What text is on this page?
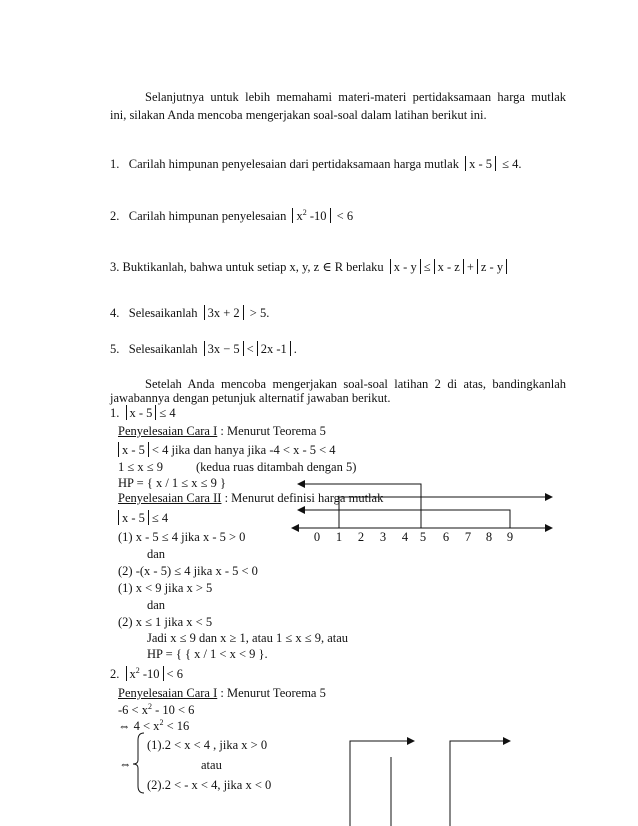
Selanjutnya untuk lebih memahami materi-materi pertidaksamaan harga mutlak
ini, silakan Anda mencoba mengerjakan soal-soal dalam latihan berikut ini.
1. Carilah himpunan penyelesaian dari pertidaksamaan harga mutlak x - 5 ≤ 4.
2. Carilah himpunan penyelesaian $x^2$ -10 < 6
3. Buktikanlah, bahwa untuk setiap x, y, z ∈ R berlaku x - y ≤ x - z + z - y
4. Selesaikanlah 3x + 2 > 5.
5. Selesaikanlah 3x − 5 < 2x -1 .
Setelah Anda mencoba mengerjakan soal-soal latihan 2 di atas, bandingkanlah
jawabannya dengan petunjuk alternatif jawaban berikut.
1. x - 5 ≤ 4
Penyelesaian Cara I : Menurut Teorema 5
x - 5 < 4 jika dan hanya jika -4 < x - 5 < 4
1 ≤ x ≤ 9	(kedua ruas ditambah dengan 5)
HP = { x / 1 ≤ x ≤ 9 }
Penyelesaian Cara II : Menurut definisi harga mutlak
x - 5 ≤ 4
(1) x - 5 ≤ 4 jika x - 5 > 0
dan
(2) -(x - 5) ≤ 4 jika x - 5 < 0
(1) x < 9 jika x > 5
dan
(2) x ≤ 1 jika x < 5
Jadi x ≤ 9 dan x ≥ 1, atau 1 ≤ x ≤ 9, atau
HP = { { x / 1 < x < 9 }.
0 1 2 3 4 5 6 7 8 9
2. $x^2$ -10 < 6
Penyelesaian Cara I : Menurut Teorema 5
$-6 < x^2 - 10 < 6$
⇔ $4 < x^2 < 16$
(1).2 < x < 4 , jika x > 0
⇔	atau
(2).2 < - x < 4, jika x < 0
